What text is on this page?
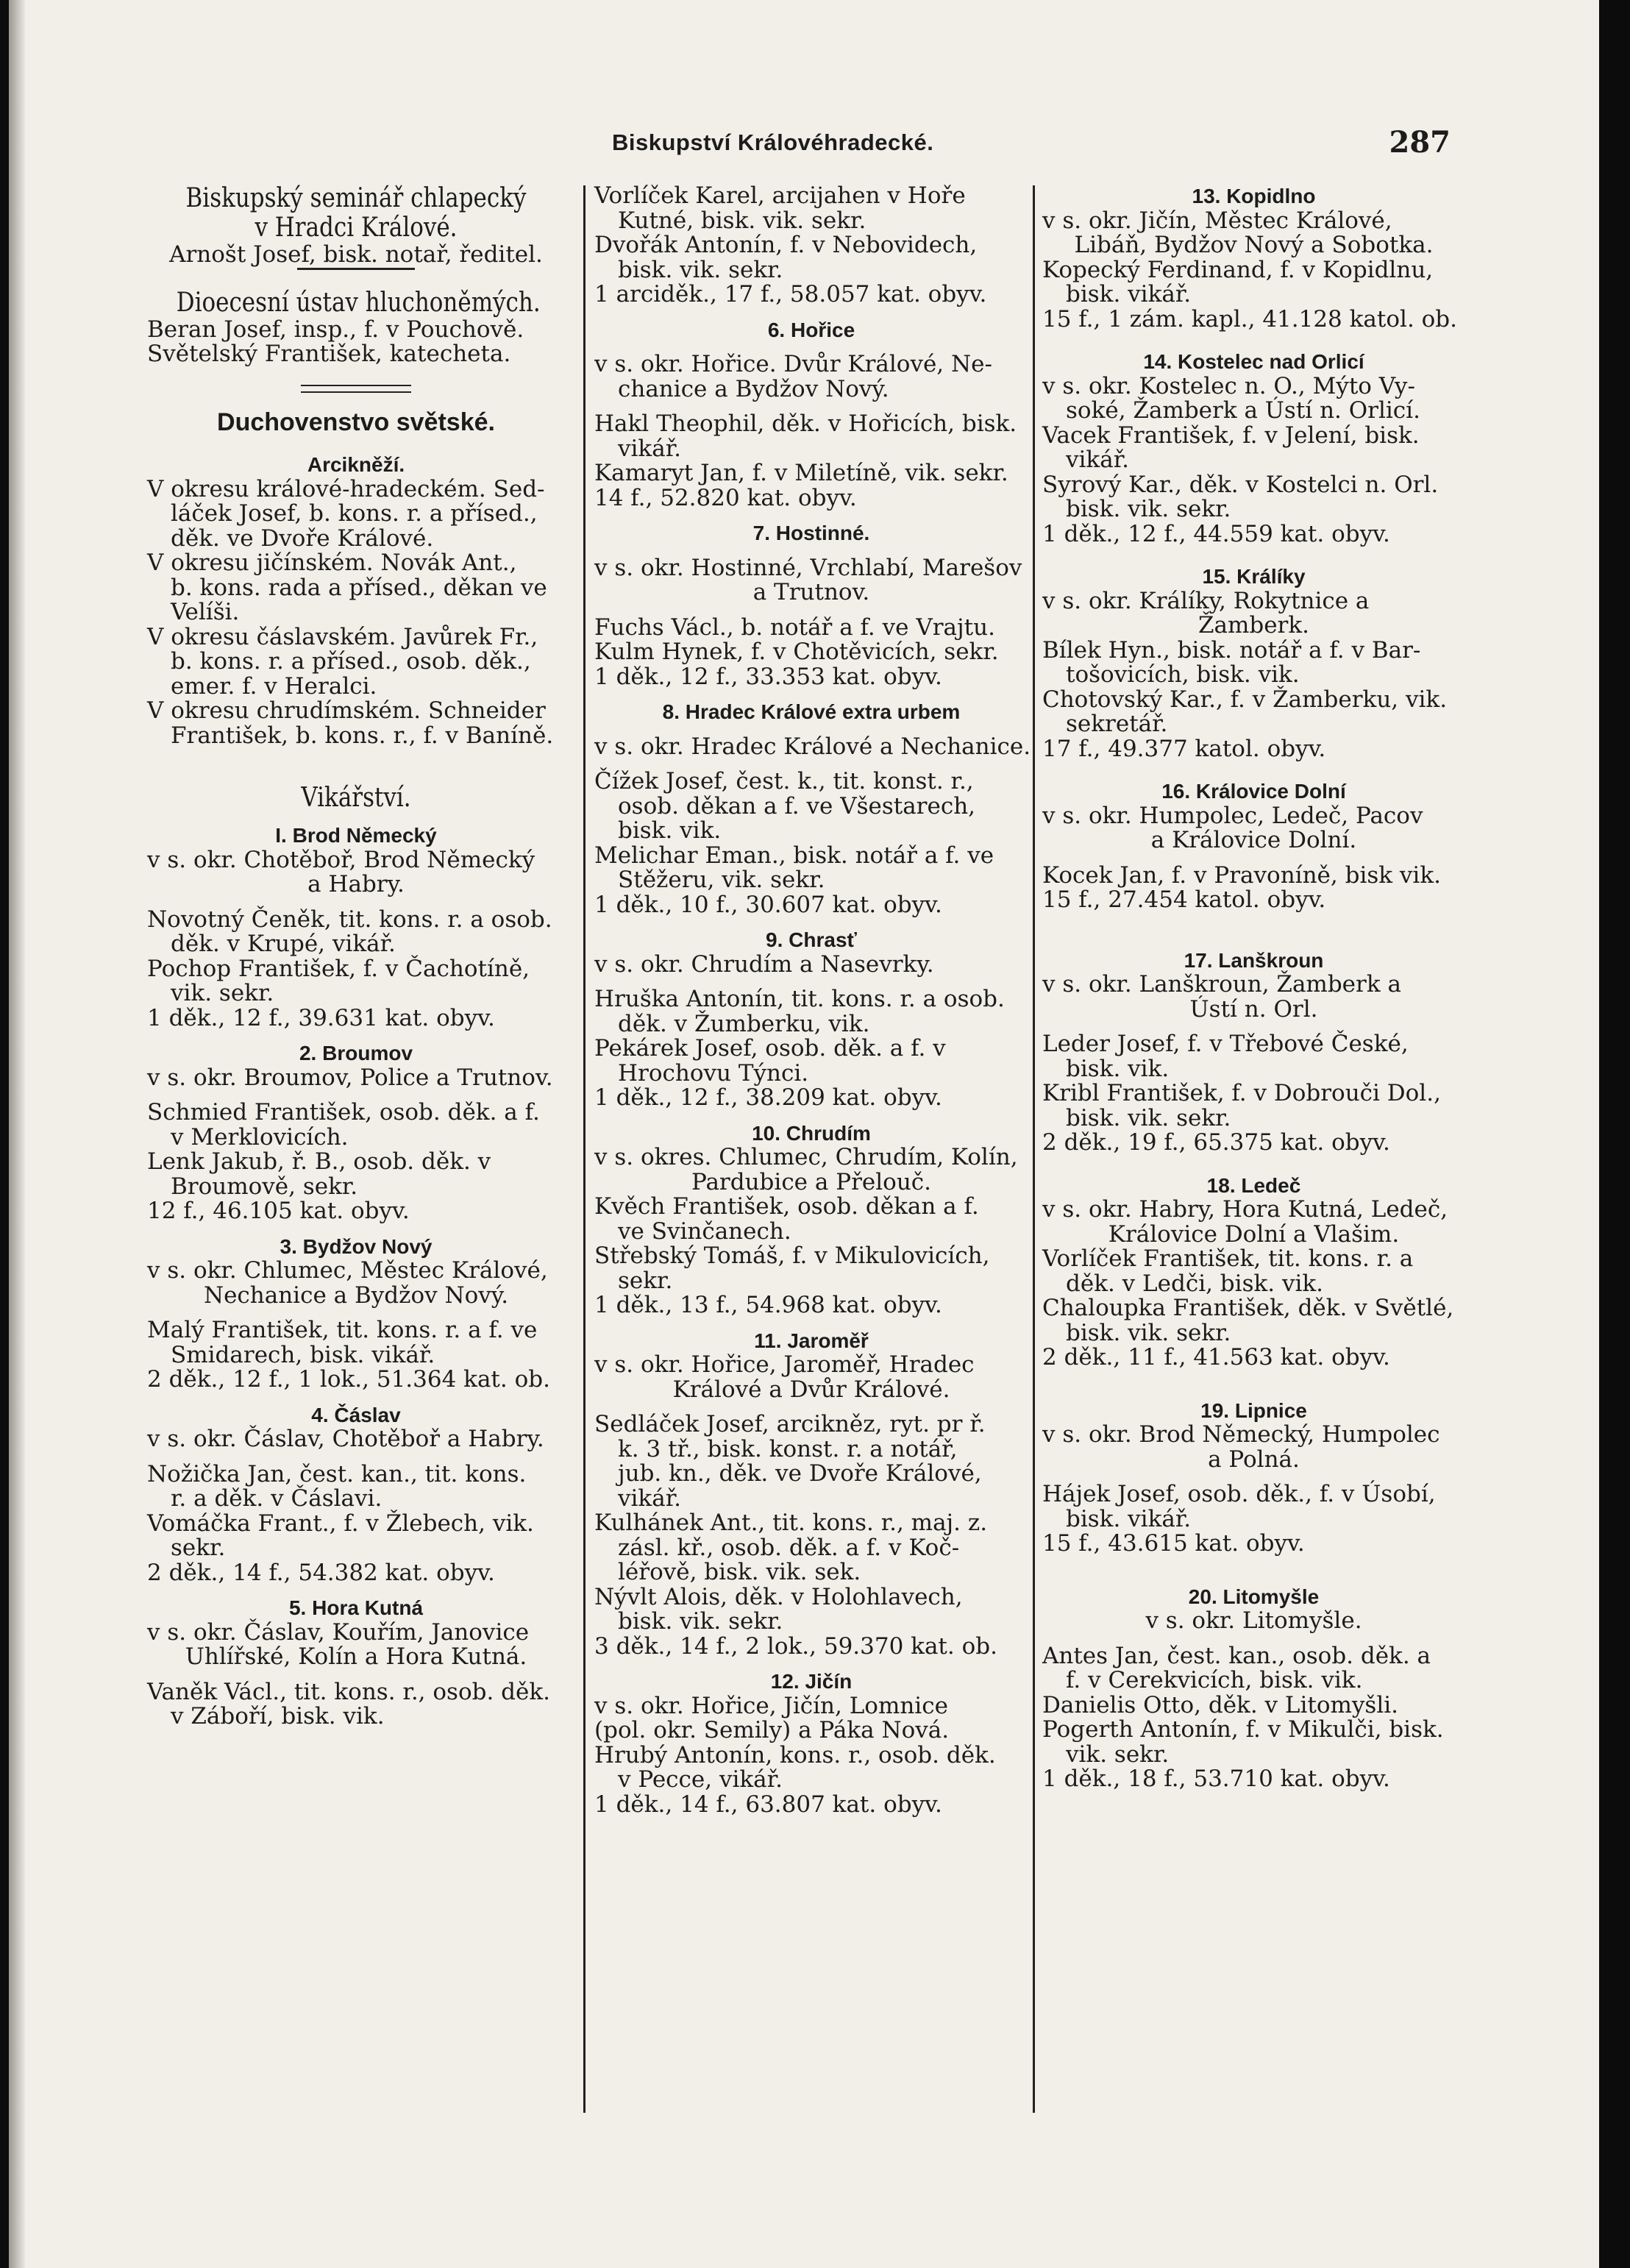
Biskupství Královéhradecké.	287
Biskupský seminář chlapecký
v Hradci Králové.
Arnošt Josef, bisk. notař, ředitel.
Dioecesní ústav hluchoněmých.
Beran Josef, insp., f. v Pouchově.
Světelský František, katecheta.
Duchovenstvo světské.
Arcikněží.
V okresu králové-hradeckém. Sed-
láček Josef, b. kons. r. a přísed.,
děk. ve Dvoře Králové.
V okresu jičínském. Novák Ant.,
b. kons. rada a přísed., děkan ve
Velíši.
V okresu čáslavském. Javůrek Fr.,
b. kons. r. a přísed., osob. děk.,
emer. f. v Heralci.
V okresu chrudímském. Schneider
František, b. kons. r., f. v Baníně.
Vikářství.
I. Brod Německý
v s. okr. Chotěboř, Brod Německý
a Habry.
Novotný Čeněk, tit. kons. r. a osob.
děk. v Krupé, vikář.
Pochop František, f. v Čachotíně,
vik. sekr.
1 děk., 12 f., 39.631 kat. obyv.
2. Broumov
v s. okr. Broumov, Police a Trutnov.
Schmied František, osob. děk. a f.
v Merklovicích.
Lenk Jakub, ř. B., osob. děk. v
Broumově, sekr.
12 f., 46.105 kat. obyv.
3. Bydžov Nový
v s. okr. Chlumec, Městec Králové,
Nechanice a Bydžov Nový.
Malý František, tit. kons. r. a f. ve
Smidarech, bisk. vikář.
2 děk., 12 f., 1 lok., 51.364 kat. ob.
4. Čáslav
v s. okr. Čáslav, Chotěboř a Habry.
Nožička Jan, čest. kan., tit. kons.
r. a děk. v Čáslavi.
Vomáčka Frant., f. v Žlebech, vik.
sekr.
2 děk., 14 f., 54.382 kat. obyv.
5. Hora Kutná
v s. okr. Čáslav, Kouřím, Janovice
Uhlířské, Kolín a Hora Kutná.
Vaněk Václ., tit. kons. r., osob. děk.
v Záboří, bisk. vik.
Vorlíček Karel, arcijahen v Hoře
Kutné, bisk. vik. sekr.
Dvořák Antonín, f. v Nebovidech,
bisk. vik. sekr.
1 arciděk., 17 f., 58.057 kat. obyv.
6. Hořice
v s. okr. Hořice. Dvůr Králové, Ne-
chanice a Bydžov Nový.
Hakl Theophil, děk. v Hořicích, bisk.
vikář.
Kamaryt Jan, f. v Miletíně, vik. sekr.
14 f., 52.820 kat. obyv.
7. Hostinné.
v s. okr. Hostinné, Vrchlabí, Marešov
a Trutnov.
Fuchs Václ., b. notář a f. ve Vrajtu.
Kulm Hynek, f. v Chotěvicích, sekr.
1 děk., 12 f., 33.353 kat. obyv.
8. Hradec Králové extra urbem
v s. okr. Hradec Králové a Nechanice.
Čížek Josef, čest. k., tit. konst. r.,
osob. děkan a f. ve Všestarech,
bisk. vik.
Melichar Eman., bisk. notář a f. ve
Stěžeru, vik. sekr.
1 děk., 10 f., 30.607 kat. obyv.
9. Chrasť
v s. okr. Chrudím a Nasevrky.
Hruška Antonín, tit. kons. r. a osob.
děk. v Žumberku, vik.
Pekárek Josef, osob. děk. a f. v
Hrochovu Týnci.
1 děk., 12 f., 38.209 kat. obyv.
10. Chrudím
v s. okres. Chlumec, Chrudím, Kolín,
Pardubice a Přelouč.
Kvěch František, osob. děkan a f.
ve Svinčanech.
Střebský Tomáš, f. v Mikulovicích,
sekr.
1 děk., 13 f., 54.968 kat. obyv.
11. Jaroměř
v s. okr. Hořice, Jaroměř, Hradec
Králové a Dvůr Králové.
Sedláček Josef, arcikněz, ryt. pr ř.
k. 3 tř., bisk. konst. r. a notář,
jub. kn., děk. ve Dvoře Králové,
vikář.
Kulhánek Ant., tit. kons. r., maj. z.
zásl. kř., osob. děk. a f. v Koč-
léřově, bisk. vik. sek.
Nývlt Alois, děk. v Holohlavech,
bisk. vik. sekr.
3 děk., 14 f., 2 lok., 59.370 kat. ob.
12. Jičín
v s. okr. Hořice, Jičín, Lomnice
(pol. okr. Semily) a Páka Nová.
Hrubý Antonín, kons. r., osob. děk.
v Pecce, vikář.
1 děk., 14 f., 63.807 kat. obyv.
13. Kopidlno
v s. okr. Jičín, Městec Králové,
Libáň, Bydžov Nový a Sobotka.
Kopecký Ferdinand, f. v Kopidlnu,
bisk. vikář.
15 f., 1 zám. kapl., 41.128 katol. ob.
14. Kostelec nad Orlicí
v s. okr. Kostelec n. O., Mýto Vy-
soké, Žamberk a Ústí n. Orlicí.
Vacek František, f. v Jelení, bisk.
vikář.
Syrový Kar., děk. v Kostelci n. Orl.
bisk. vik. sekr.
1 děk., 12 f., 44.559 kat. obyv.
15. Králíky
v s. okr. Králíky, Rokytnice a
Žamberk.
Bílek Hyn., bisk. notář a f. v Bar-
tošovicích, bisk. vik.
Chotovský Kar., f. v Žamberku, vik.
sekretář.
17 f., 49.377 katol. obyv.
16. Královice Dolní
v s. okr. Humpolec, Ledeč, Pacov
a Královice Dolní.
Kocek Jan, f. v Pravoníně, bisk vik.
15 f., 27.454 katol. obyv.
17. Lanškroun
v s. okr. Lanškroun, Žamberk a
Ústí n. Orl.
Leder Josef, f. v Třebové České,
bisk. vik.
Kribl František, f. v Dobrouči Dol.,
bisk. vik. sekr.
2 děk., 19 f., 65.375 kat. obyv.
18. Ledeč
v s. okr. Habry, Hora Kutná, Ledeč,
Královice Dolní a Vlašim.
Vorlíček František, tit. kons. r. a
děk. v Ledči, bisk. vik.
Chaloupka František, děk. v Světlé,
bisk. vik. sekr.
2 děk., 11 f., 41.563 kat. obyv.
19. Lipnice
v s. okr. Brod Německý, Humpolec
a Polná.
Hájek Josef, osob. děk., f. v Úsobí,
bisk. vikář.
15 f., 43.615 kat. obyv.
20. Litomyšle
v s. okr. Litomyšle.
Antes Jan, čest. kan., osob. děk. a
f. v Cerekvicích, bisk. vik.
Danielis Otto, děk. v Litomyšli.
Pogerth Antonín, f. v Mikulči, bisk.
vik. sekr.
1 děk., 18 f., 53.710 kat. obyv.
